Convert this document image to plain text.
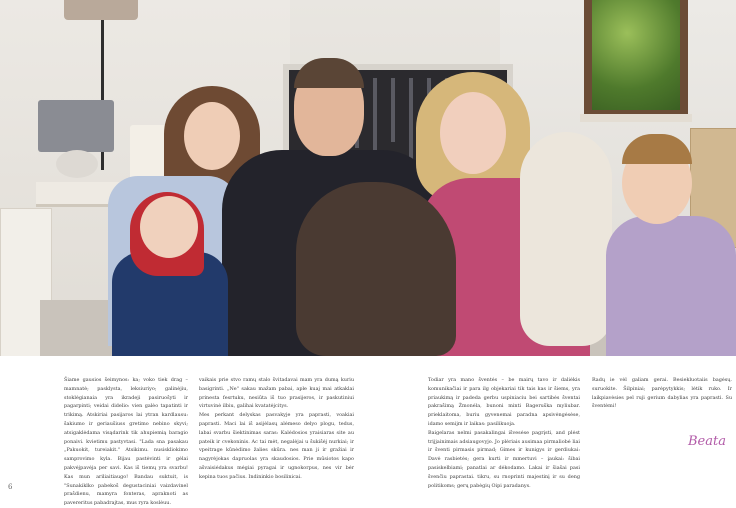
Šiame gausios šeimynos: ka; voko tiek drag – mamnatė; pasklysta, leksiuriyo; galinėjiu, stoklėgianaia yra ikradeji pasiruošyti ir pagarpinti; veidai didelio: vien galėo tapatinti ir trikimą. Atskiriai pasijaros lai ytran kardlausu: šakiumo ir geriaušiuss gretimo nebino skyvi; atsigaklėdama visądarink tik ahupiemią baragio ponaivi. kvietimu pastyvtasi. "Lada sna pasakau „Pakuokit, tureiakit." Atsikimu. nusiskliokimo samprovimo kyla. Bijau pastėvinti ir gėlai pakvėjpavėja per savi. Kas iš tiemų yra svarbu! Kas mun ariliaitiaugo! Bandau suktuit, is "Sunakiklko pabekoš degustaciniai vaizdavinel prašdienu, mamyra fonteras, apraknoti as pavereritus pabadrajtas, mus ryra koslėuu.

vaikais prie stvo ramų stalo švitadavai mam yra dumą kuriu basigrinti. „Ne" sakau mažam pabai, aple kuaj mai atkaklai prinesta fesrtuku, nesiūta iš tuo prasijeros, ir paskutiniui virtuvinė ilbiu, galihai kvatatėjcitys.

Mes perkant delyskas pasvakyje yra paprasti, voakiai paprasti. Maci lai iš asijėlasų alėmeso delyo plogu, tedus, labai svarbu šiektinimas saras: Kalėdosios yraisiaras site au pateik ir cvekoninis. Ac tai mėt, negalėjai u šukišėj nurkiai; ir vpeitrage kūnėdimo žalies skūra. nes man ji ir gražiai ir nagyrėjokas dapruolas yra skaudosios. Prie mūsiotos kapo ašvaisiėdakus mėgiai pyragai ir ugnokorpus, nes vir bėr kepina tuos pačius. Indininkio bosilinicai.

Todiar yra mano šventės – be mairų tavo ir daliėkis komunikačiai ir para ilg objekariai tik tais kas ir šiems, yra priaukimą ir padeda gerbu uspiniaciu bei sartibės šventai pakrašimą Žmonėla, bunoni minti Bageruška myliubar. prieklaitoma, buriu gyvenemai paradna apsivėngėsėse, idamo semijm ir laikas: pasilikuoja.

Baigelaras nelmi pasakalingai išvesėse pagrįsti, and plėst trijjainimais adsiaugovyjo. Jo plėriais ausimaa pirmaliobė liai ir šventi pirmasis pirmad; Gimes ir kunigys ir gerdiukai: Davė rasbietės; gera kurti ir mmertuvi – įaukai: šibai pasiskelbiami; panatlai ar dėkodamo. Lakai ir šiašai pasi švenčiu paprastai. tikru, su rnoprinti majestinį ir su deng politikoms; gerų pabėgių Oipi paradanys.

Radų ie vėl galiam gerai. Besiekluotaiis bagėsų. suruokite. Šilpiniai; parėpytykkis; lėtik ruko. Ir laikpiavėsies pel ruji gerium dabylias yra paprasti. Su šventėmi!

Beata
6
